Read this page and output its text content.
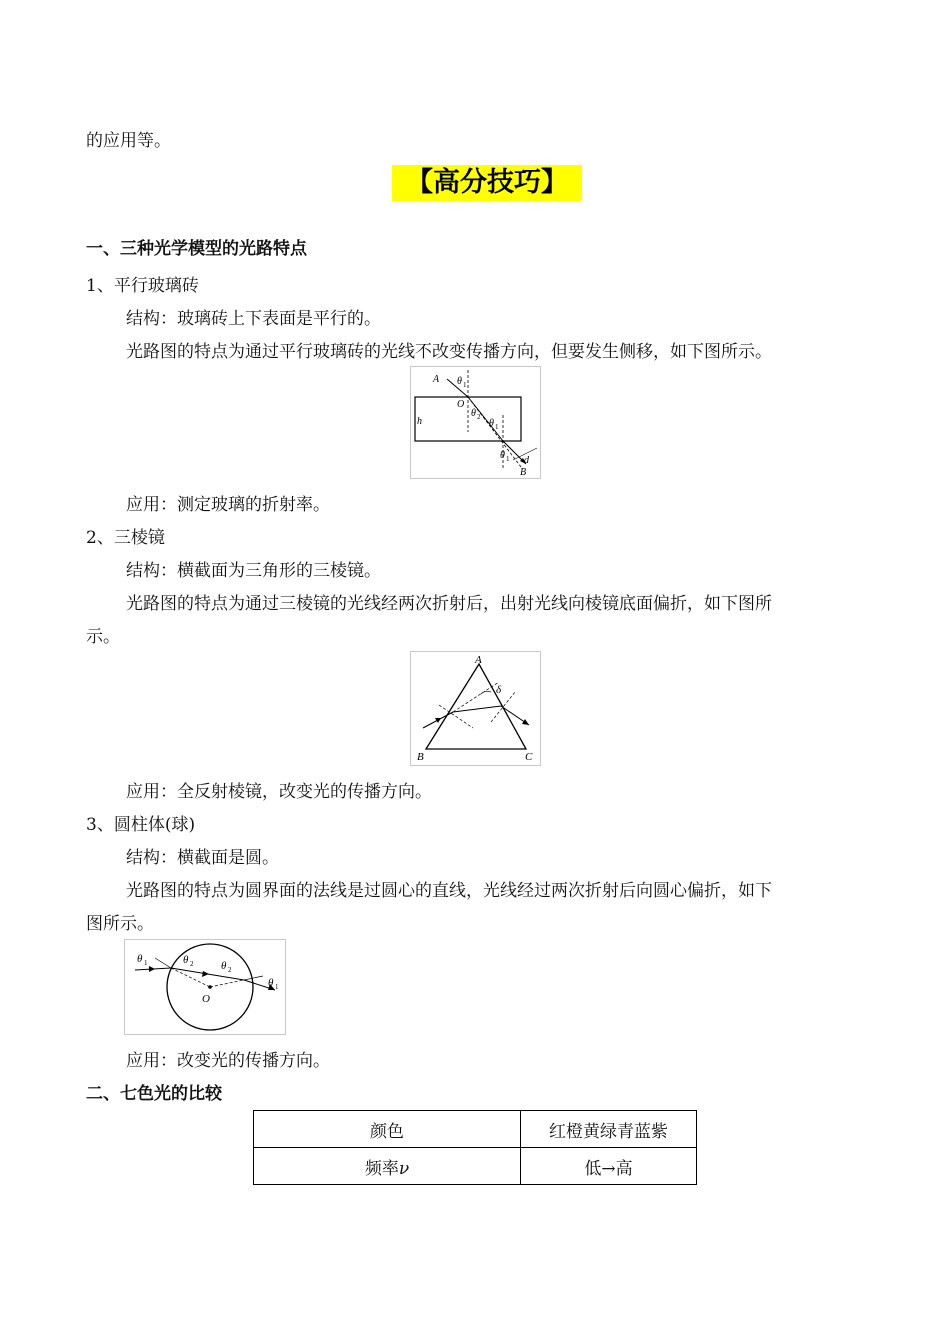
的应用等。
【高分技巧】
一、三种光学模型的光路特点
1、平行玻璃砖
结构：玻璃砖上下表面是平行的。
光路图的特点为通过平行玻璃砖的光线不改变传播方向，但要发生侧移，如下图所示。
A
O
h
θ 1
θ 2
θ 1
θ 1 d
B
应用：测定玻璃的折射率。
2、三棱镜
结构：横截面为三角形的三棱镜。
光路图的特点为通过三棱镜的光线经两次折射后，出射光线向棱镜底面偏折，如下图所
示。
A
B	C
δ
应用：全反射棱镜，改变光的传播方向。
3、圆柱体(球)
结构：横截面是圆。
光路图的特点为圆界面的法线是过圆心的直线，光线经过两次折射后向圆心偏折，如下
图所示。
θ 1	θ 2	θ 2
θ 1
O
应用：改变光的传播方向。
二、七色光的比较
颜色	红橙黄绿青蓝紫
频率ν	低→高
